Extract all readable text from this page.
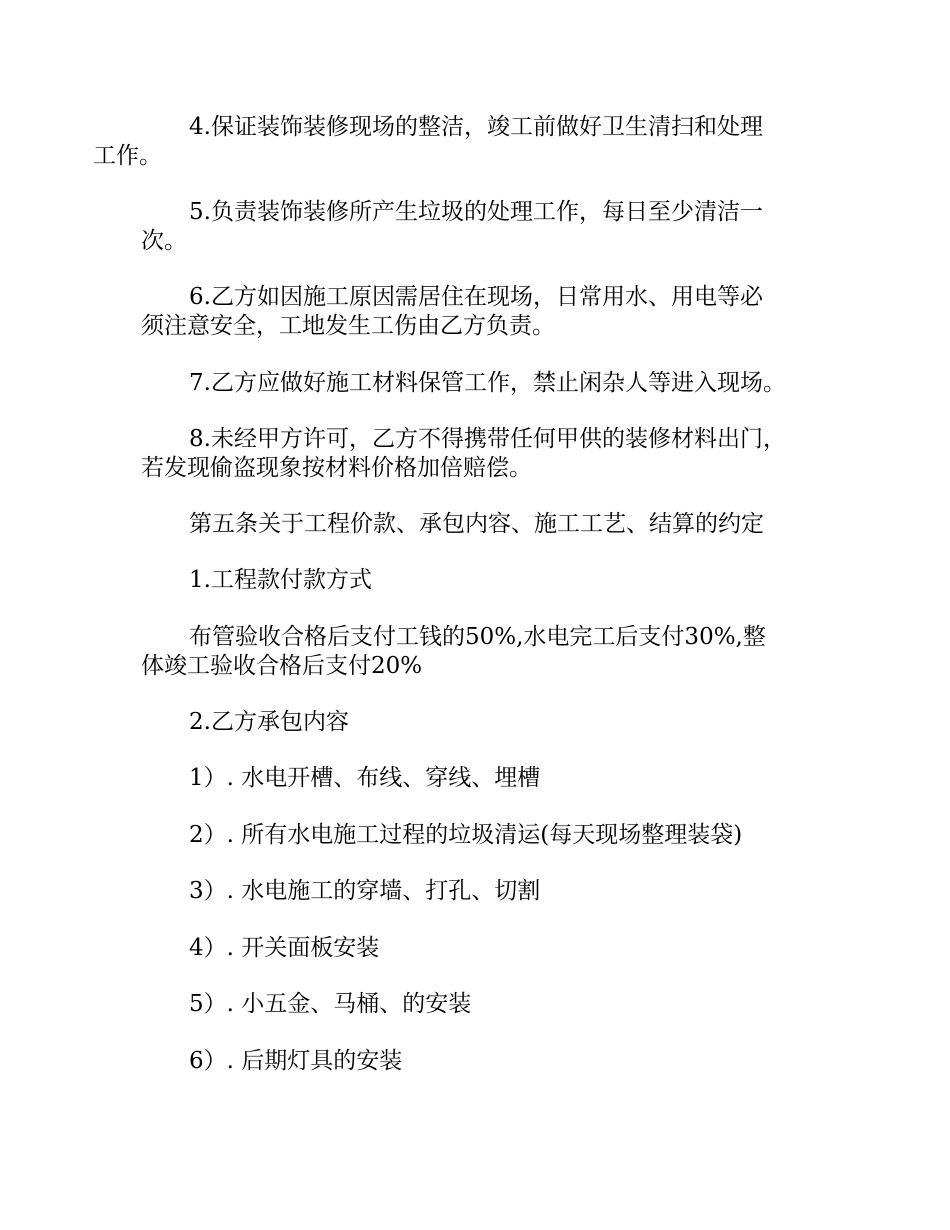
4.保证装饰装修现场的整洁，竣工前做好卫生清扫和处理
工作。

5.负责装饰装修所产生垃圾的处理工作，每日至少清洁一
次。

6.乙方如因施工原因需居住在现场，日常用水、用电等必
须注意安全，工地发生工伤由乙方负责。

7.乙方应做好施工材料保管工作，禁止闲杂人等进入现场。

8.未经甲方许可，乙方不得携带任何甲供的装修材料出门，
若发现偷盗现象按材料价格加倍赔偿。

第五条关于工程价款、承包内容、施工工艺、结算的约定

1.工程款付款方式

布管验收合格后支付工钱的50%,水电完工后支付30%,整
体竣工验收合格后支付20%

2.乙方承包内容

1）. 水电开槽、布线、穿线、埋槽

2）. 所有水电施工过程的垃圾清运(每天现场整理装袋)

3）. 水电施工的穿墙、打孔、切割

4）. 开关面板安装

5）. 小五金、马桶、的安装

6）. 后期灯具的安装
